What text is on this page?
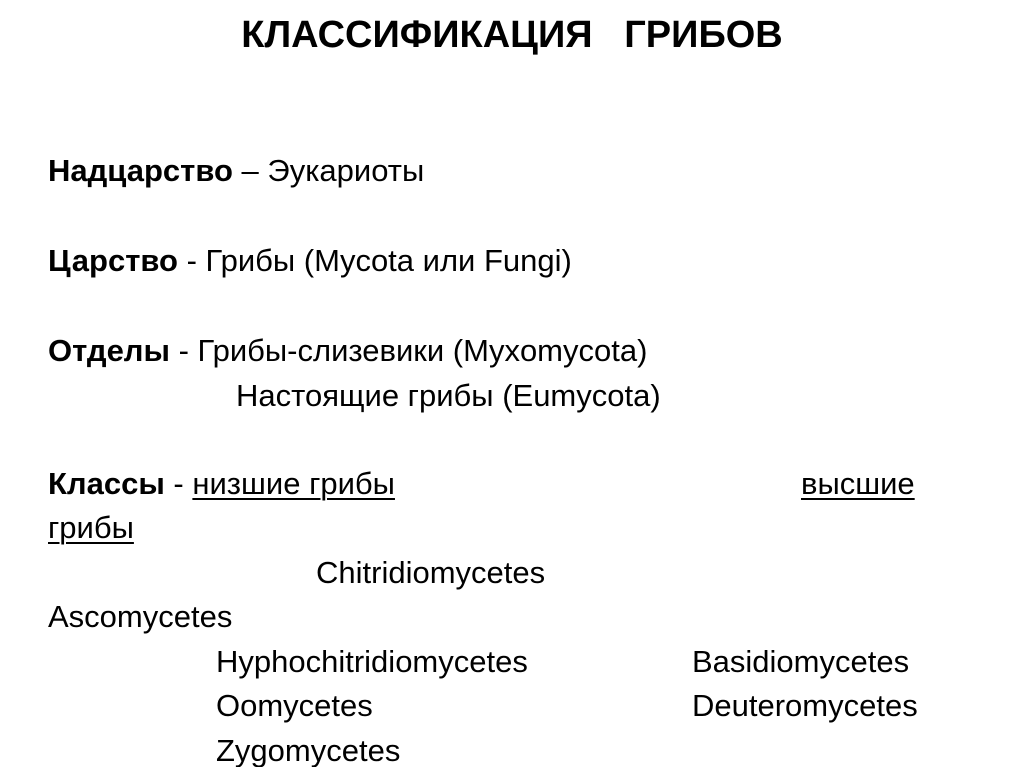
КЛАССИФИКАЦИЯ   ГРИБОВ
Надцарство – Эукариоты
Царство - Грибы (Mycota или Fungi)
Отделы - Грибы-слизевики (Myxomycota)
Настоящие грибы (Eumycota)
Классы - низшие грибы	высшие
грибы
Chitridiomycetes
Ascomycetes
Hyphochitridiomycetes	Basidiomycetes
Oomycetes	Deuteromycetes
Zygomycetes
